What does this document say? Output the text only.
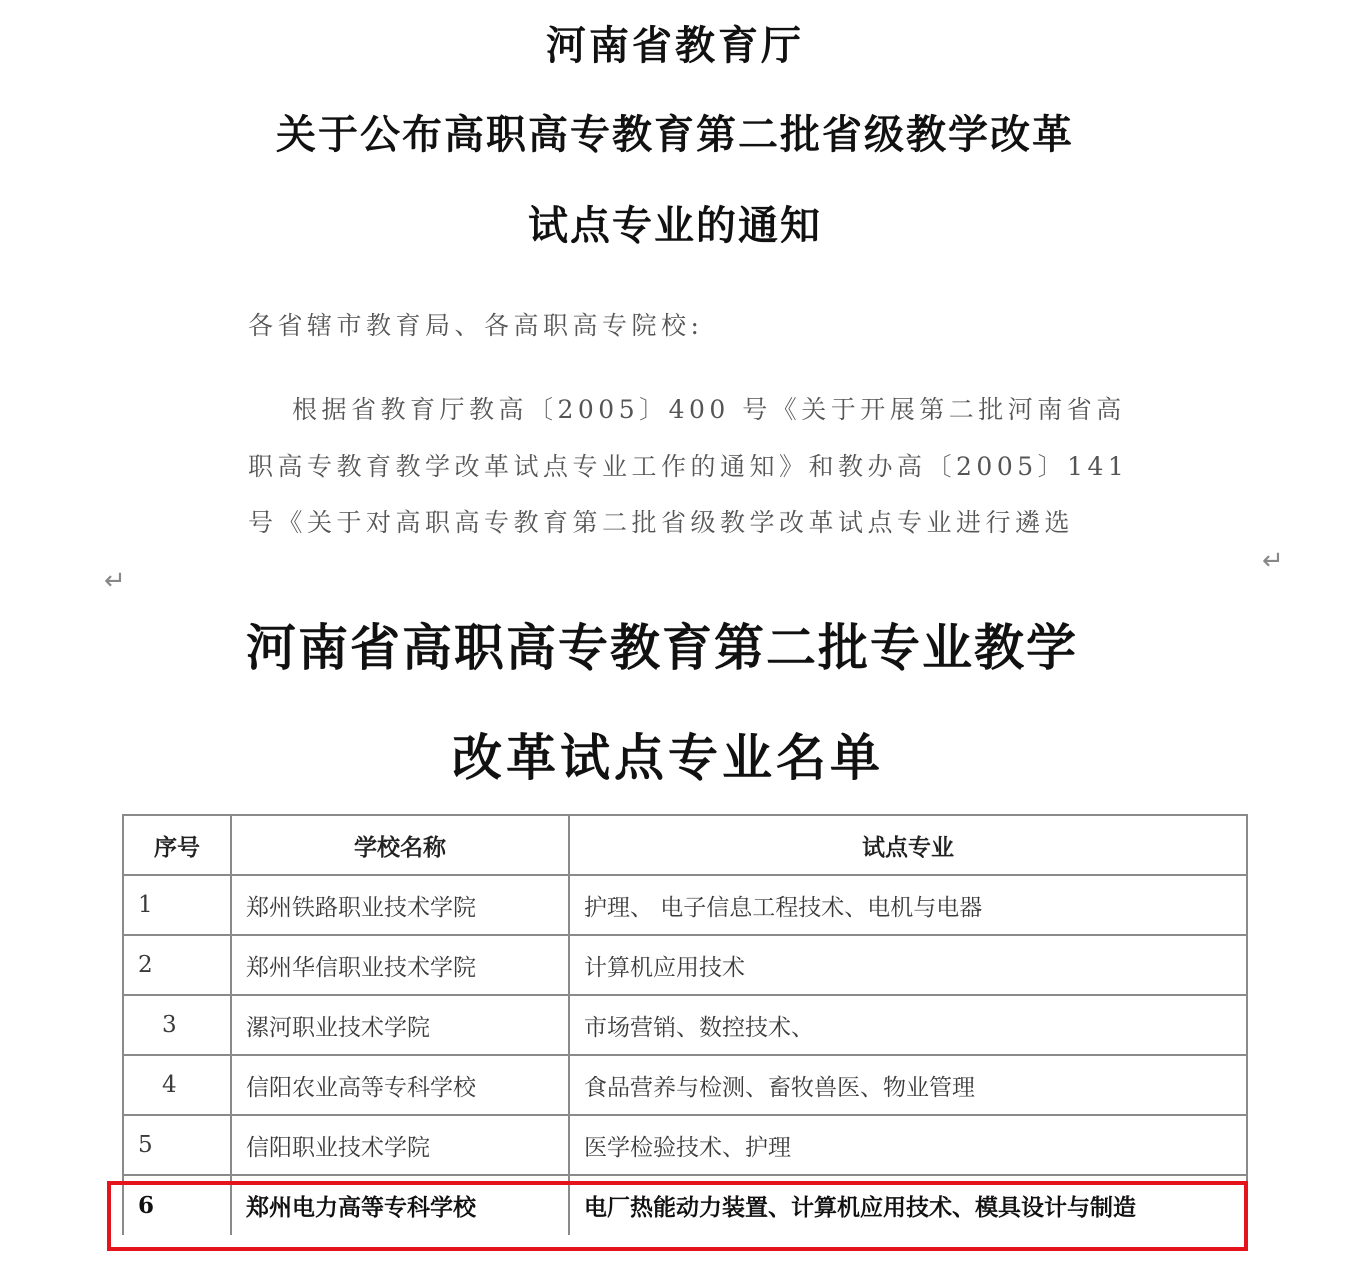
河南省教育厅
关于公布高职高专教育第二批省级教学改革
试点专业的通知
各省辖市教育局、各高职高专院校:
根据省教育厅教高〔2005〕400 号《关于开展第二批河南省高
职高专教育教学改革试点专业工作的通知》和教办高〔2005〕141
号《关于对高职高专教育第二批省级教学改革试点专业进行遴选
↵
↵
河南省高职高专教育第二批专业教学
改革试点专业名单
序号	学校名称	试点专业
1	郑州铁路职业技术学院	护理、 电子信息工程技术、电机与电器
2	郑州华信职业技术学院	计算机应用技术
3	漯河职业技术学院	市场营销、数控技术、
4	信阳农业高等专科学校	食品营养与检测、畜牧兽医、物业管理
5	信阳职业技术学院	医学检验技术、护理
6	郑州电力高等专科学校	电厂热能动力装置、计算机应用技术、模具设计与制造
